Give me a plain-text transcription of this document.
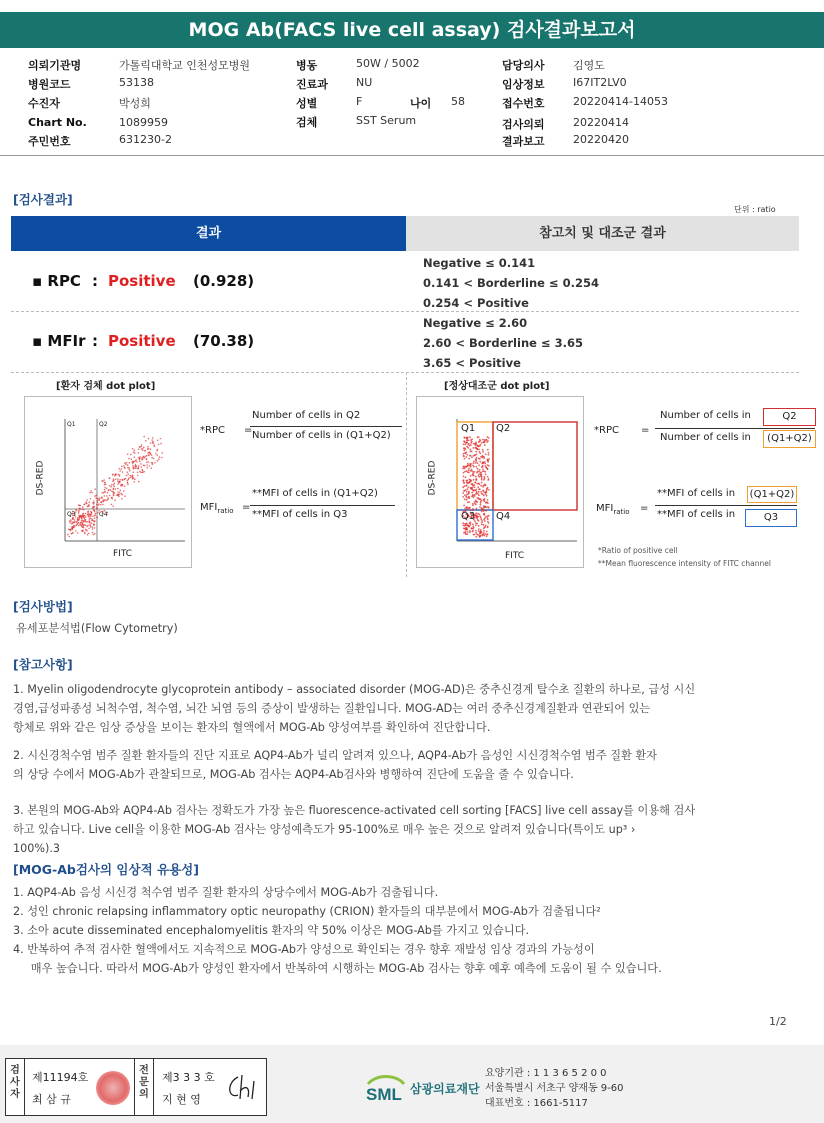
MOG Ab(FACS live cell assay) 검사결과보고서
의뢰기관명	가톨릭대학교 인천성모병원
병원코드	53138
수진자	박성희
Chart No.	1089959
주민번호	631230-2
병동	50W / 5002
진료과	NU
성별	F	나이 58
검체	SST Serum
담당의사	김영도
임상정보	I67IT2LV0
접수번호	20220414-14053
검사의뢰	20220414
결과보고	20220420
[검사결과]
단위 : ratio
결과	참고치 및 대조군 결과
▪ RPC : Positive (0.928)
Negative ≤ 0.141
0.141 < Borderline ≤ 0.254
0.254 < Positive
▪ MFIr : Positive (70.38)
Negative ≤ 2.60
2.60 < Borderline ≤ 3.65
3.65 < Positive
[환자 검체 dot plot]	[정상대조군 dot plot]
Q1	Q2
Q3	Q4
DS-RED
FITC
*RPC =
Number of cells in Q2
Number of cells in (Q1+Q2)
$MFI_{ratio}$ =
**MFI of cells in (Q1+Q2)
**MFI of cells in Q3
Q1 Q2
Q3 Q4
DS-RED
FITC
*RPC =
Number of cells in	Q2
Number of cells in	(Q1+Q2)
$MFI_{ratio}$ =
**MFI of cells in (Q1+Q2)
**MFI of cells in	Q3
*Ratio of positive cell
**Mean fluorescence intensity of FITC channel
[검사방법]
유세포분석법(Flow Cytometry)
[참고사항]
1. Myelin oligodendrocyte glycoprotein antibody – associated disorder (MOG-AD)은 중추신경계 탈수초 질환의 하나로, 급성 시신
경염,급성파종성 뇌척수염, 척수염, 뇌간 뇌염 등의 증상이 발생하는 질환입니다. MOG-AD는 여러 중추신경계질환과 연관되어 있는
항체로 위와 같은 임상 증상을 보이는 환자의 혈액에서 MOG-Ab 양성여부를 확인하여 진단합니다.
2. 시신경척수염 범주 질환 환자들의 진단 지표로 AQP4-Ab가 널리 알려져 있으나, AQP4-Ab가 음성인 시신경척수염 범주 질환 환자
의 상당 수에서 MOG-Ab가 관찰되므로, MOG-Ab 검사는 AQP4-Ab검사와 병행하여 진단에 도움을 줄 수 있습니다.
3. 본원의 MOG-Ab와 AQP4-Ab 검사는 정확도가 가장 높은 fluorescence-activated cell sorting [FACS] live cell assay를 이용해 검사
하고 있습니다. Live cell을 이용한 MOG-Ab 검사는 양성예측도가 95-100%로 매우 높은 것으로 알려져 있습니다(특이도 up³ ›
100%).3
[MOG-Ab검사의 임상적 유용성]
1. AQP4-Ab 음성 시신경 척수염 범주 질환 환자의 상당수에서 MOG-Ab가 검출됩니다.
2. 성인 chronic relapsing inflammatory optic neuropathy (CRION) 환자들의 대부분에서 MOG-Ab가 검출됩니다²
3. 소아 acute disseminated encephalomyelitis 환자의 약 50% 이상은 MOG-Ab를 가지고 있습니다.
4. 반복하여 추적 검사한 혈액에서도 지속적으로 MOG-Ab가 양성으로 확인되는 경우 향후 재발성 임상 경과의 가능성이
매우 높습니다. 따라서 MOG-Ab가 양성인 환자에서 반복하여 시행하는 MOG-Ab 검사는 향후 예후 예측에 도움이 될 수 있습니다.
1/2
검사자
제11194호
최 삼 규
전문의
제3 3 3 호
지 현 영	SML 삼광의료재단
요양기관 : 1 1 3 6 5 2 0 0
서울특별시 서초구 양재동 9-60
대표번호 : 1661-5117
